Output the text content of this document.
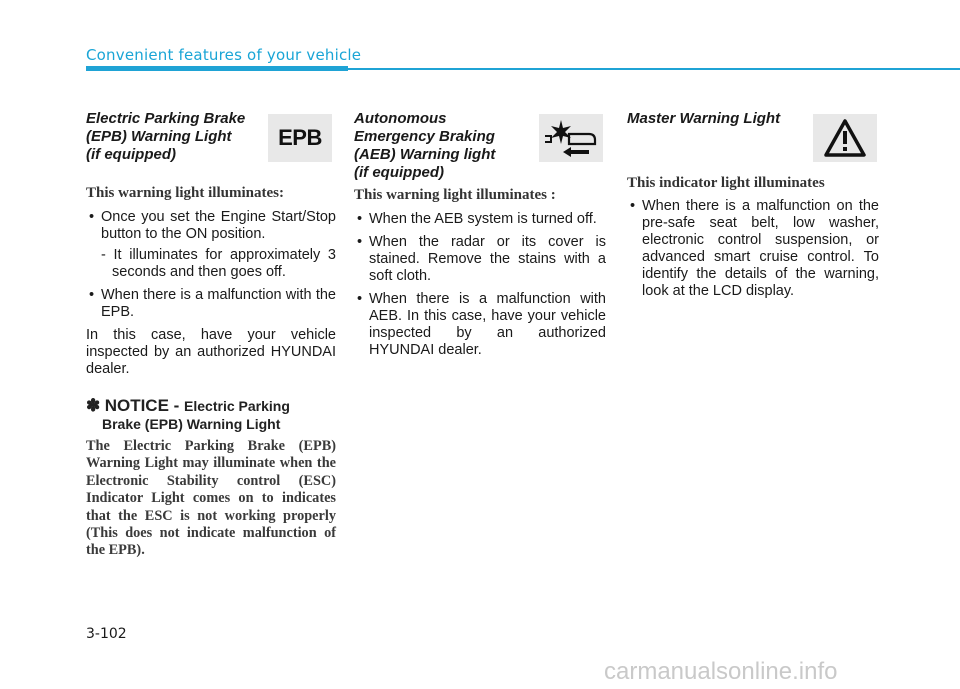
Convenient features of your vehicle
Electric Parking Brake
(EPB) Warning Light
(if equipped)
EPB
This warning light illuminates:
• Once you set the Engine Start/Stop button to the ON position.
- It illuminates for approximately 3 seconds and then goes off.
• When there is a malfunction with the EPB.
In this case, have your vehicle inspected by an authorized HYUNDAI dealer.
✽ NOTICE - Electric Parking
Brake (EPB) Warning Light
The Electric Parking Brake (EPB) Warning Light may illuminate when the Electronic Stability control (ESC) Indicator Light comes on to indicates that the ESC is not working properly (This does not indicate malfunction of the EPB).
Autonomous
Emergency Braking
(AEB) Warning light
(if equipped)
This warning light illuminates :
• When the AEB system is turned off.
• When the radar or its cover is stained. Remove the stains with a soft cloth.
• When there is a malfunction with AEB. In this case, have your vehicle inspected by an authorized HYUNDAI dealer.
Master Warning Light
This indicator light illuminates
• When there is a malfunction on the pre-safe seat belt, low washer, electronic control suspension, or advanced smart cruise control. To identify the details of the warning, look at the LCD display.
3-102
carmanualsonline.info
